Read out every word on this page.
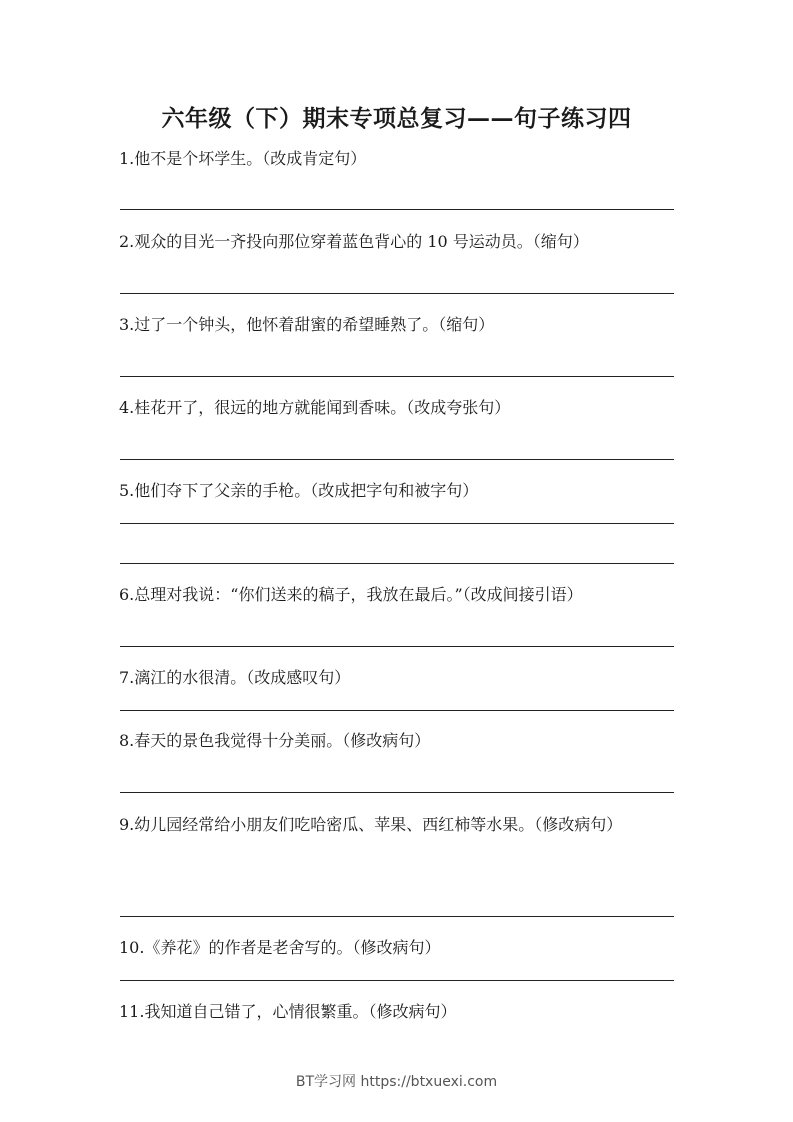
六年级（下）期末专项总复习——句子练习四
1.他不是个坏学生。（改成肯定句）
2.观众的目光一齐投向那位穿着蓝色背心的 10 号运动员。（缩句）
3.过了一个钟头，他怀着甜蜜的希望睡熟了。（缩句）
4.桂花开了，很远的地方就能闻到香味。（改成夸张句）
5.他们夺下了父亲的手枪。（改成把字句和被字句）
6.总理对我说：“你们送来的稿子，我放在最后。”（改成间接引语）
7.漓江的水很清。（改成感叹句）
8.春天的景色我觉得十分美丽。（修改病句）
9.幼儿园经常给小朋友们吃哈密瓜、苹果、西红柿等水果。（修改病句）
10.《养花》的作者是老舍写的。（修改病句）
11.我知道自己错了，心情很繁重。（修改病句）
BT学习网 https://btxuexi.com
